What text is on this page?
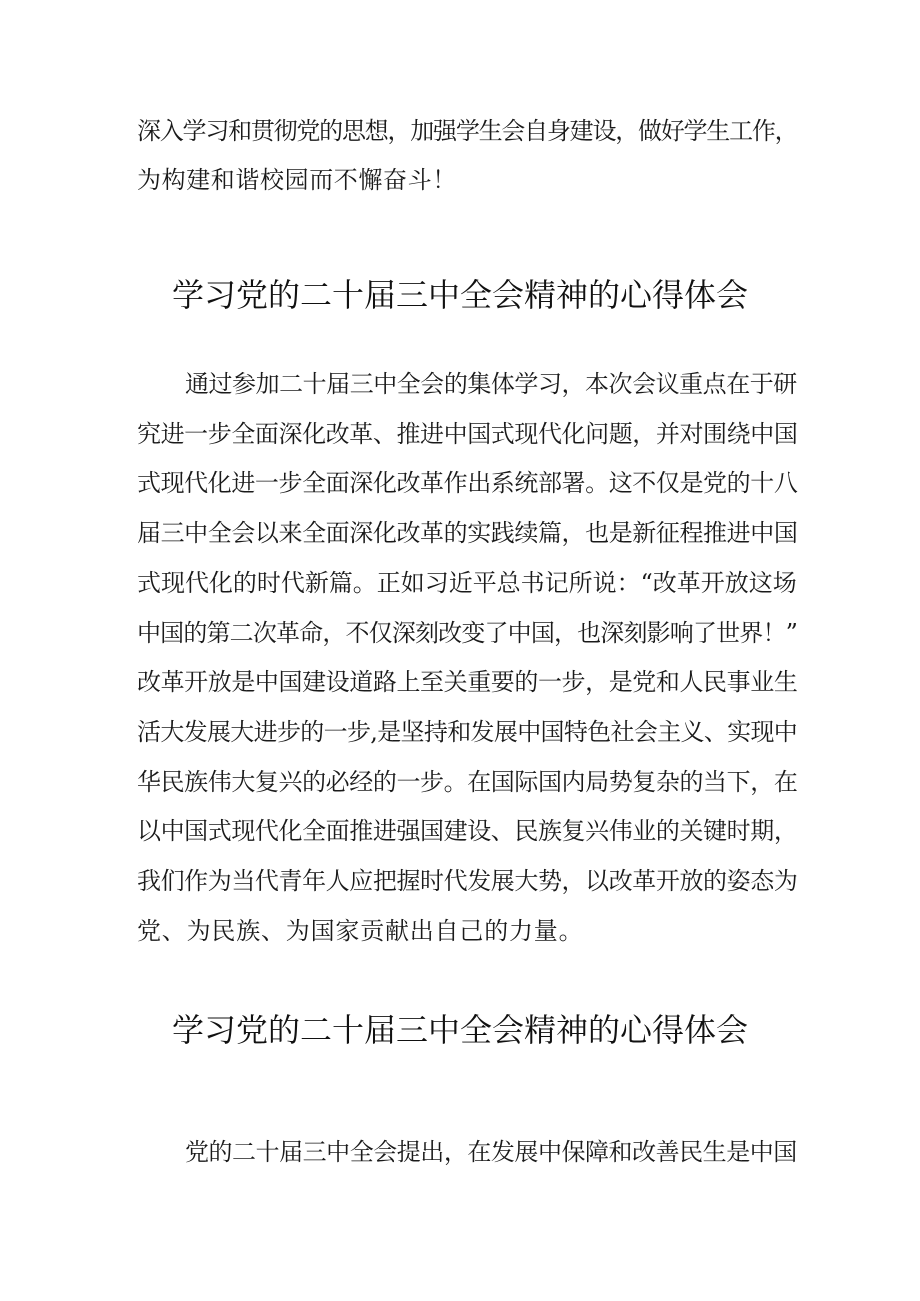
深入学习和贯彻党的思想，加强学生会自身建设，做好学生工作，
为构建和谐校园而不懈奋斗！
学习党的二十届三中全会精神的心得体会
通过参加二十届三中全会的集体学习，本次会议重点在于研
究进一步全面深化改革、推进中国式现代化问题，并对围绕中国
式现代化进一步全面深化改革作出系统部署。这不仅是党的十八
届三中全会以来全面深化改革的实践续篇，也是新征程推进中国
式现代化的时代新篇。正如习近平总书记所说：“改革开放这场
中国的第二次革命，不仅深刻改变了中国，也深刻影响了世界！”
改革开放是中国建设道路上至关重要的一步，是党和人民事业生
活大发展大进步的一步,是坚持和发展中国特色社会主义、实现中
华民族伟大复兴的必经的一步。在国际国内局势复杂的当下，在
以中国式现代化全面推进强国建设、民族复兴伟业的关键时期，
我们作为当代青年人应把握时代发展大势，以改革开放的姿态为
党、为民族、为国家贡献出自己的力量。
学习党的二十届三中全会精神的心得体会
党的二十届三中全会提出，在发展中保障和改善民生是中国
